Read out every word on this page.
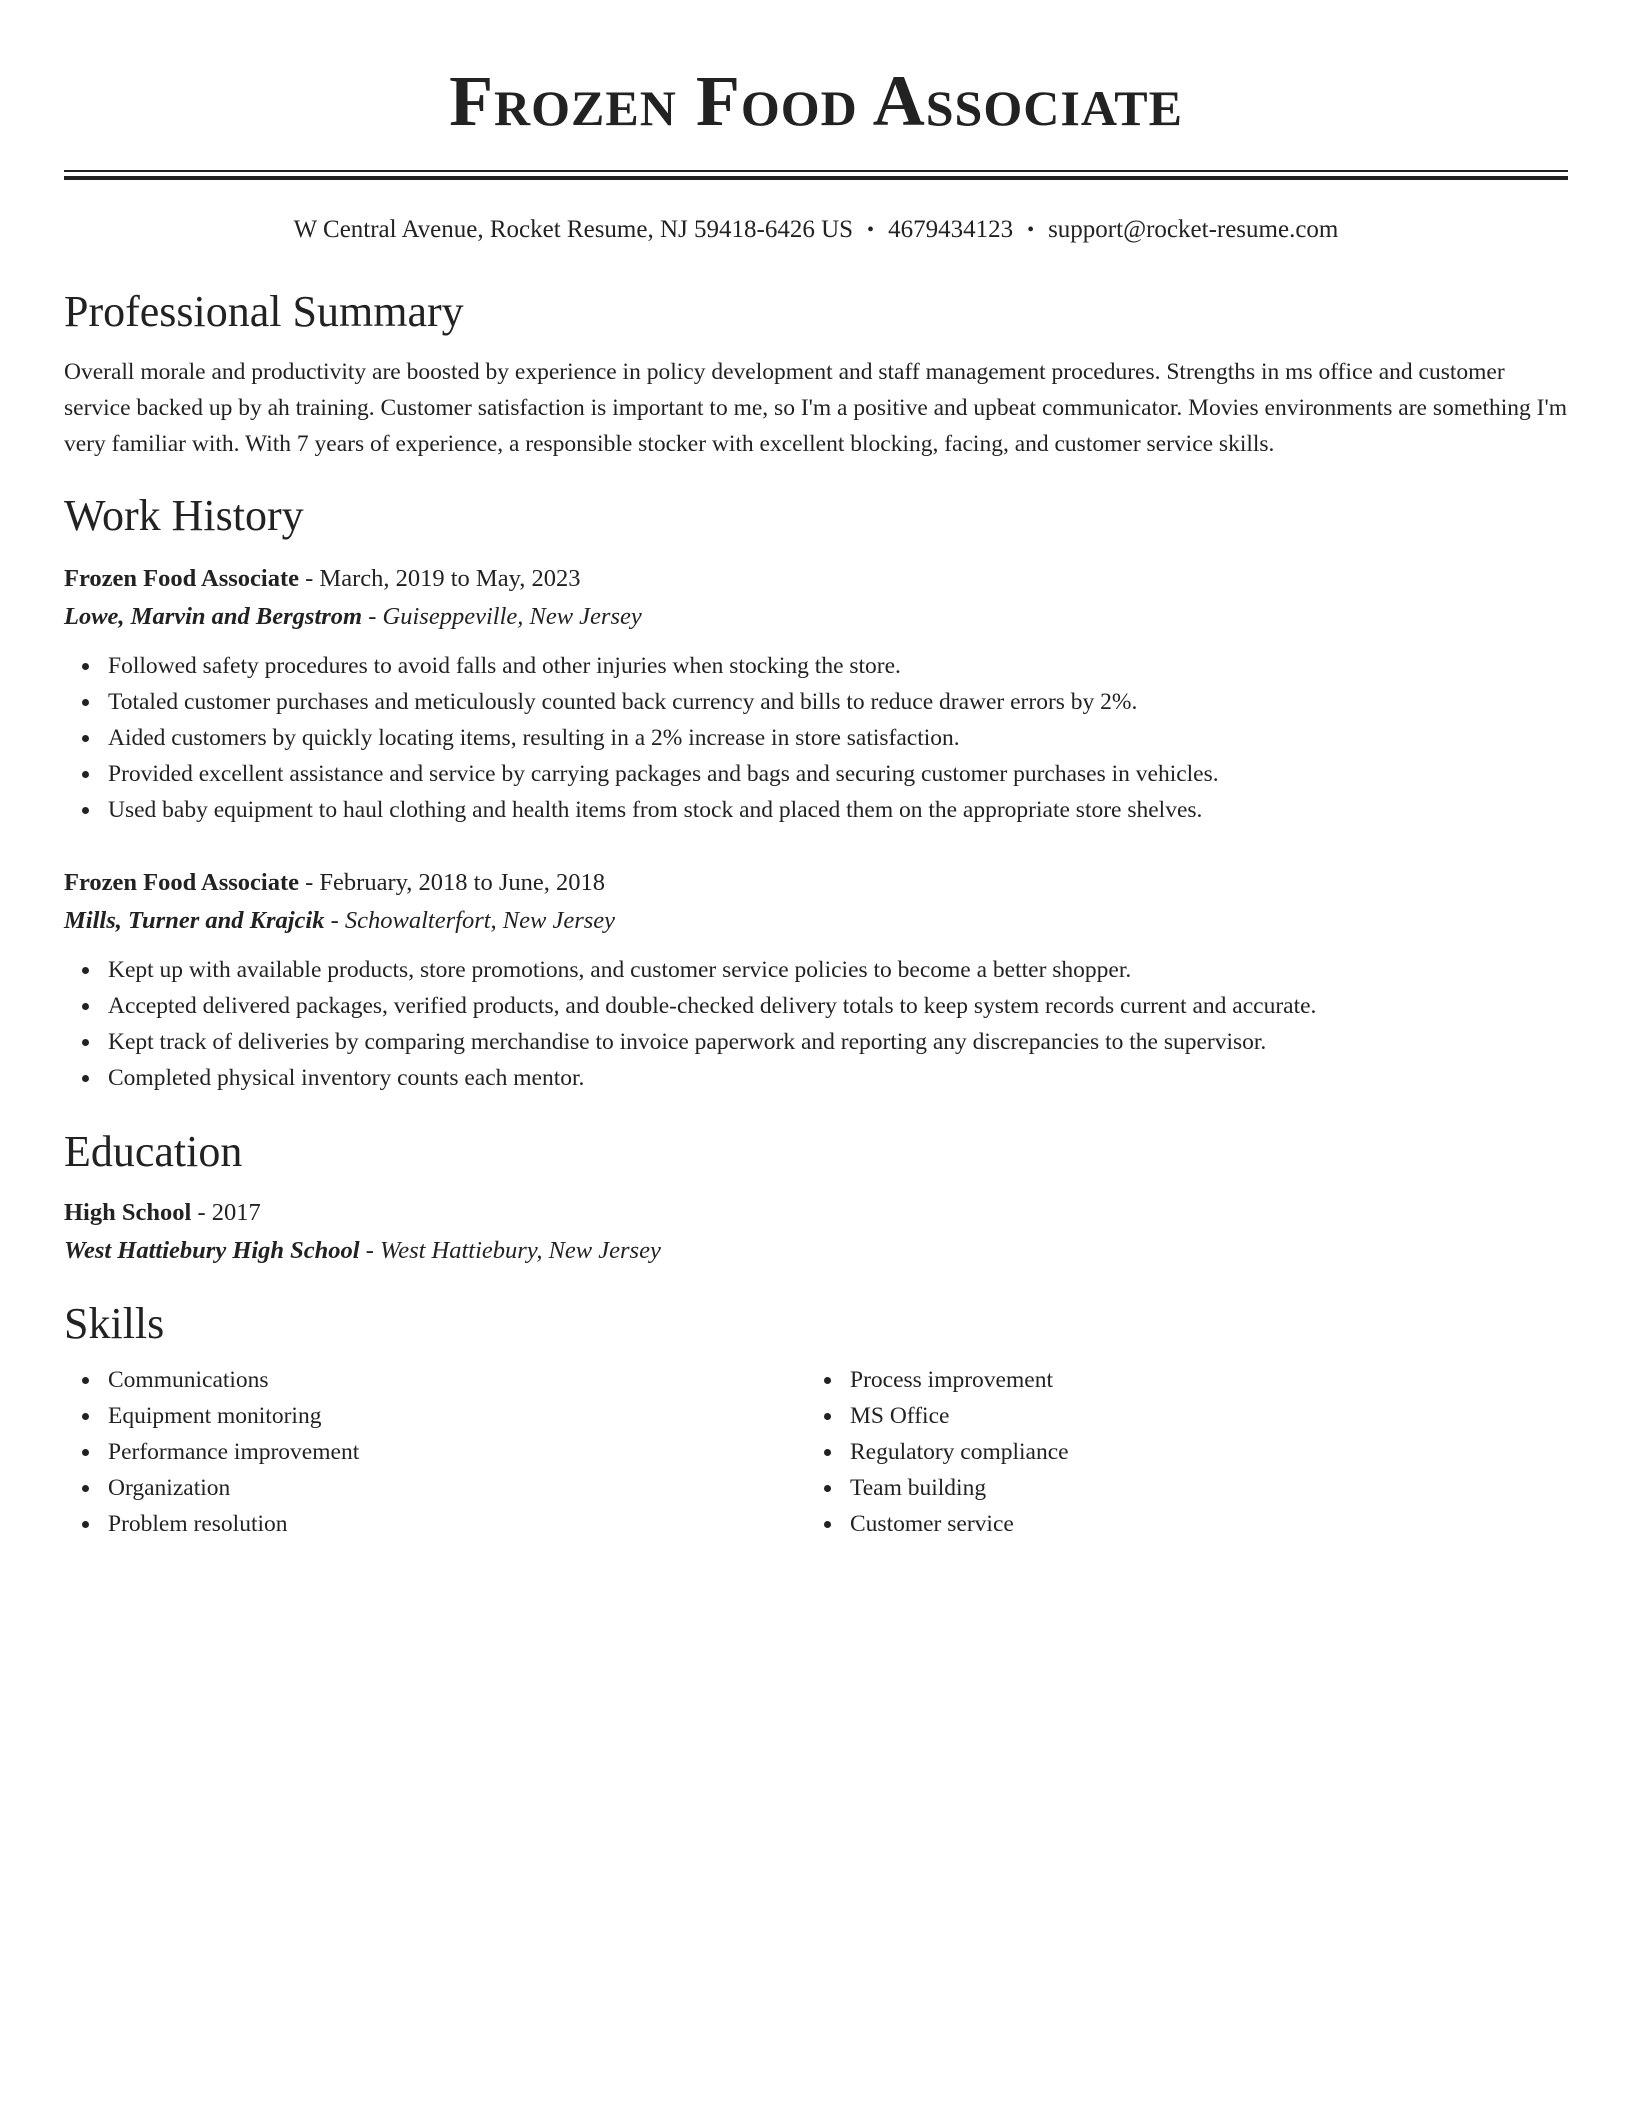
Frozen Food Associate
W Central Avenue, Rocket Resume, NJ 59418-6426 US • 4679434123 • support@rocket-resume.com
Professional Summary
Overall morale and productivity are boosted by experience in policy development and staff management procedures. Strengths in ms office and customer service backed up by ah training. Customer satisfaction is important to me, so I'm a positive and upbeat communicator. Movies environments are something I'm very familiar with. With 7 years of experience, a responsible stocker with excellent blocking, facing, and customer service skills.
Work History
Frozen Food Associate - March, 2019 to May, 2023
Lowe, Marvin and Bergstrom - Guiseppeville, New Jersey
Followed safety procedures to avoid falls and other injuries when stocking the store.
Totaled customer purchases and meticulously counted back currency and bills to reduce drawer errors by 2%.
Aided customers by quickly locating items, resulting in a 2% increase in store satisfaction.
Provided excellent assistance and service by carrying packages and bags and securing customer purchases in vehicles.
Used baby equipment to haul clothing and health items from stock and placed them on the appropriate store shelves.
Frozen Food Associate - February, 2018 to June, 2018
Mills, Turner and Krajcik - Schowalterfort, New Jersey
Kept up with available products, store promotions, and customer service policies to become a better shopper.
Accepted delivered packages, verified products, and double-checked delivery totals to keep system records current and accurate.
Kept track of deliveries by comparing merchandise to invoice paperwork and reporting any discrepancies to the supervisor.
Completed physical inventory counts each mentor.
Education
High School - 2017
West Hattiebury High School - West Hattiebury, New Jersey
Skills
Communications
Equipment monitoring
Performance improvement
Organization
Problem resolution
Process improvement
MS Office
Regulatory compliance
Team building
Customer service
